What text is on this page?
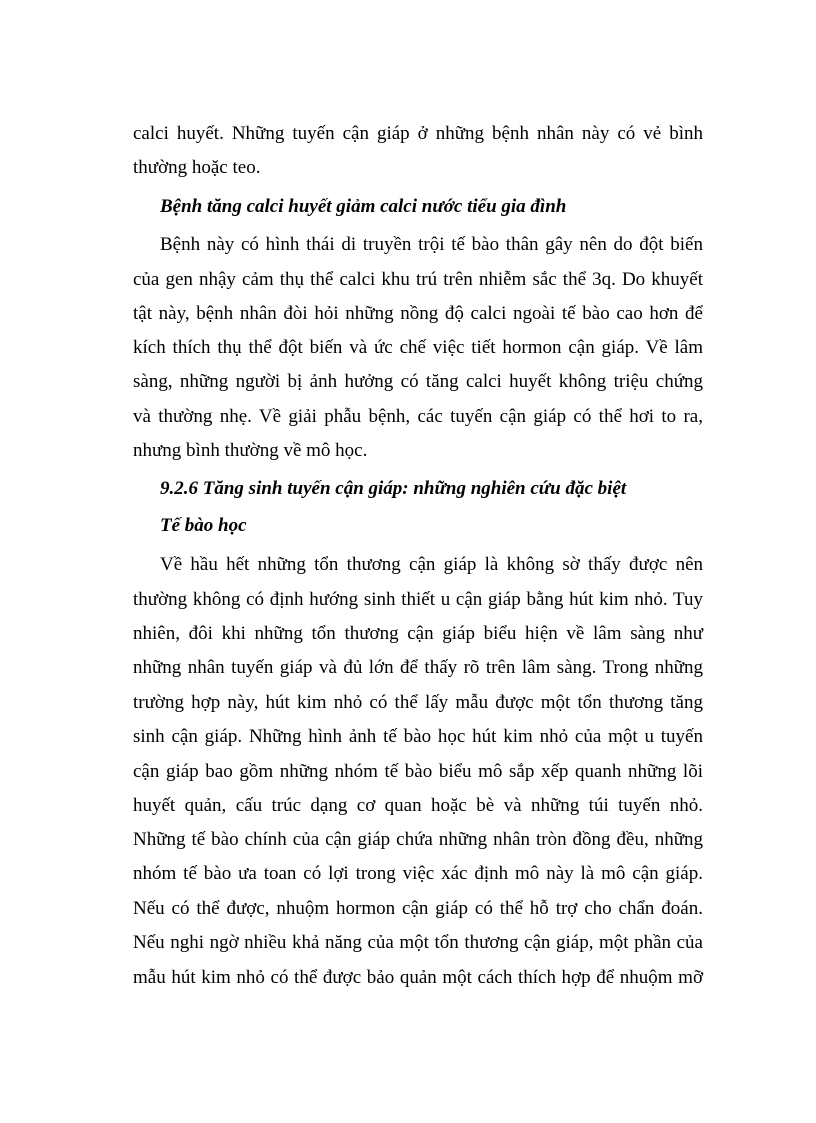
calci huyết. Những tuyến cận giáp ở những bệnh nhân này có vẻ bình
thường hoặc teo.
Bệnh tăng calci huyết giảm calci nước tiểu gia đình
Bệnh này có hình thái di truyền trội tế bào thân gây nên do đột biến
của gen nhậy cảm thụ thể calci khu trú trên nhiễm sắc thể 3q. Do khuyết
tật này, bệnh nhân đòi hỏi những nồng độ calci ngoài tế bào cao hơn để
kích thích thụ thể đột biến và ức chế việc tiết hormon cận giáp. Về lâm
sàng, những người bị ảnh hưởng có tăng calci huyết không triệu chứng
và thường nhẹ. Về giải phẫu bệnh, các tuyến cận giáp có thể hơi to ra,
nhưng bình thường về mô học.
9.2.6 Tăng sinh tuyến cận giáp: những nghiên cứu đặc biệt
Tế bào học
Về hầu hết những tổn thương cận giáp là không sờ thấy được nên
thường không có định hướng sinh thiết u cận giáp bằng hút kim nhỏ. Tuy
nhiên, đôi khi những tổn thương cận giáp biểu hiện về lâm sàng như
những nhân tuyến giáp và đủ lớn để thấy rõ trên lâm sàng. Trong những
trường hợp này, hút kim nhỏ có thể lấy mẫu được một tổn thương tăng
sinh cận giáp. Những hình ảnh tế bào học hút kim nhỏ của một u tuyến
cận giáp bao gồm những nhóm tế bào biểu mô sắp xếp quanh những lõi
huyết quản, cấu trúc dạng cơ quan hoặc bè và những túi tuyến nhỏ.
Những tế bào chính của cận giáp chứa những nhân tròn đồng đều, những
nhóm tế bào ưa toan có lợi trong việc xác định mô này là mô cận giáp.
Nếu có thể được, nhuộm hormon cận giáp có thể hỗ trợ cho chẩn đoán.
Nếu nghi ngờ nhiều khả năng của một tổn thương cận giáp, một phần của
mẫu hút kim nhỏ có thể được bảo quản một cách thích hợp để nhuộm mỡ
